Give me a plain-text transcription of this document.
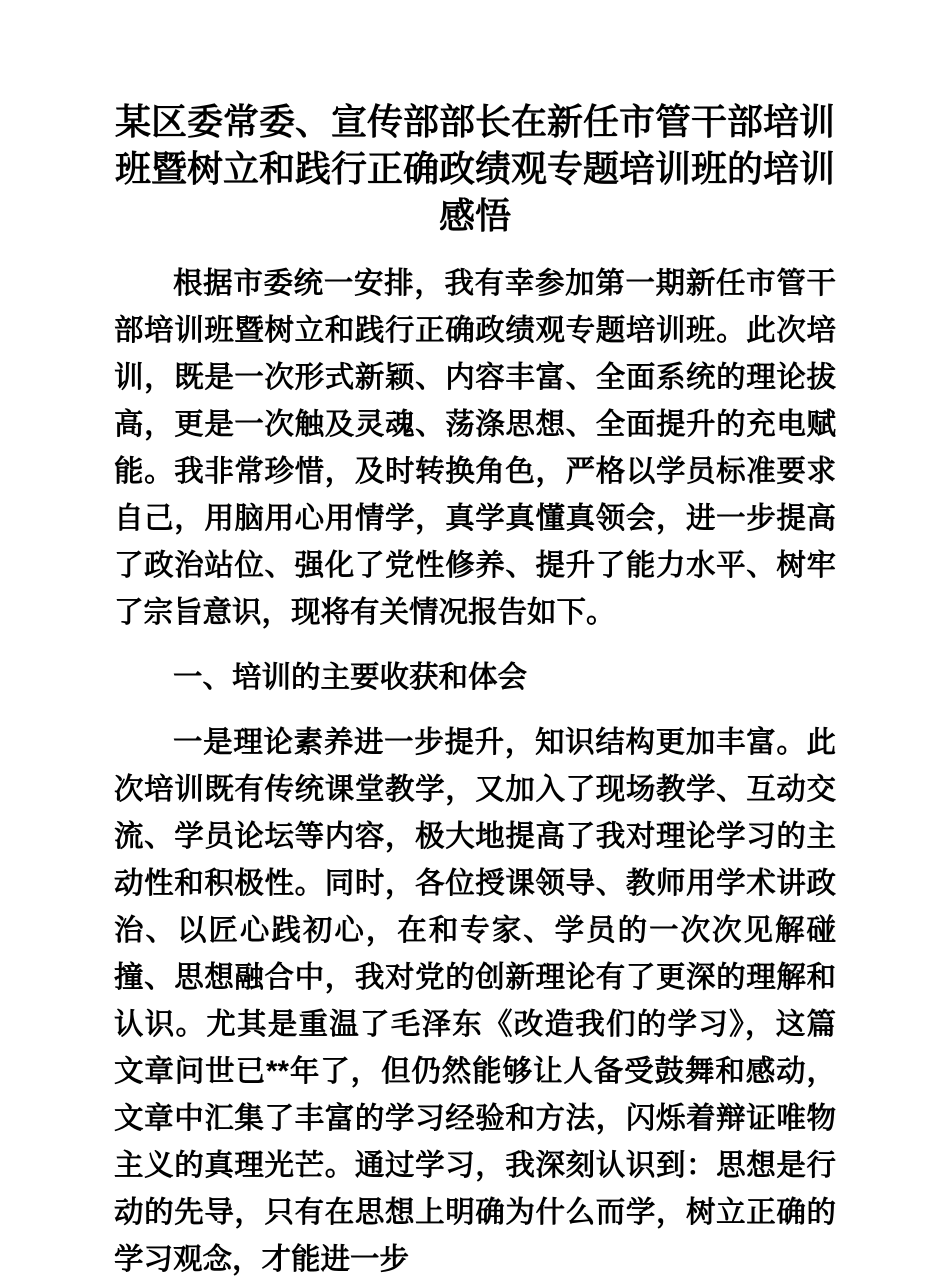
某区委常委、宣传部部长在新任市管干部培训班暨树立和践行正确政绩观专题培训班的培训感悟

根据市委统一安排，我有幸参加第一期新任市管干部培训班暨树立和践行正确政绩观专题培训班。此次培训，既是一次形式新颖、内容丰富、全面系统的理论拔高，更是一次触及灵魂、荡涤思想、全面提升的充电赋能。我非常珍惜，及时转换角色，严格以学员标准要求自己，用脑用心用情学，真学真懂真领会，进一步提高了政治站位、强化了党性修养、提升了能力水平、树牢了宗旨意识，现将有关情况报告如下。

一、培训的主要收获和体会

一是理论素养进一步提升，知识结构更加丰富。此次培训既有传统课堂教学，又加入了现场教学、互动交流、学员论坛等内容，极大地提高了我对理论学习的主动性和积极性。同时，各位授课领导、教师用学术讲政治、以匠心践初心，在和专家、学员的一次次见解碰撞、思想融合中，我对党的创新理论有了更深的理解和认识。尤其是重温了毛泽东《改造我们的学习》，这篇文章问世已**年了，但仍然能够让人备受鼓舞和感动，文章中汇集了丰富的学习经验和方法，闪烁着辩证唯物主义的真理光芒。通过学习，我深刻认识到：思想是行动的先导，只有在思想上明确为什么而学，树立正确的学习观念，才能进一步
